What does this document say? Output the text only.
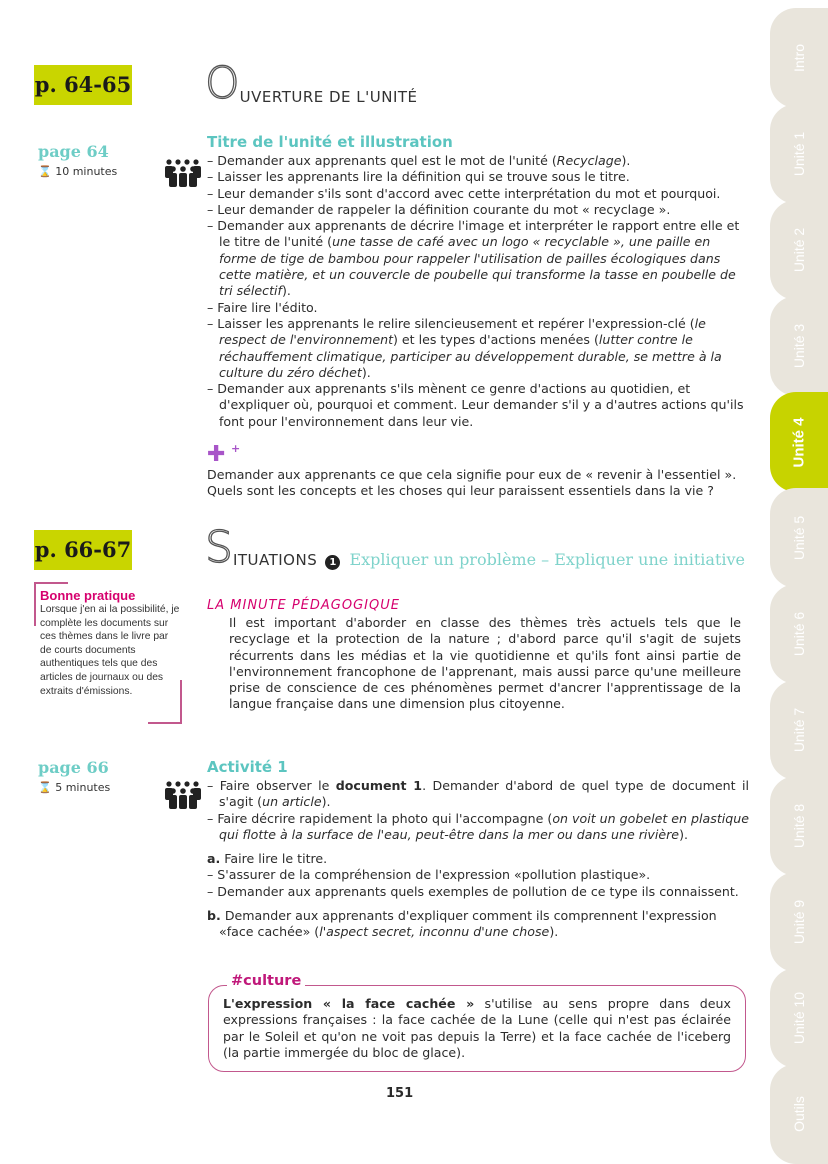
Intro
Unité 1
Unité 2
Unité 3
Unité 4
Unité 5
Unité 6
Unité 7
Unité 8
Unité 9
Unité 10
Outils
p. 64-65 OUVERTURE DE L'UNITÉ
page 64
⌛ 10 minutes
Titre de l'unité et illustration
– Demander aux apprenants quel est le mot de l'unité (Recyclage).
– Laisser les apprenants lire la définition qui se trouve sous le titre.
– Leur demander s'ils sont d'accord avec cette interprétation du mot et pourquoi.
– Leur demander de rappeler la définition courante du mot « recyclage ».
– Demander aux apprenants de décrire l'image et interpréter le rapport entre elle et le titre de l'unité (une tasse de café avec un logo « recyclable », une paille en forme de tige de bambou pour rappeler l'utilisation de pailles écologiques dans cette matière, et un couvercle de poubelle qui transforme la tasse en poubelle de tri sélectif).
– Faire lire l'édito.
– Laisser les apprenants le relire silencieusement et repérer l'expression-clé (le respect de l'environnement) et les types d'actions menées (lutter contre le réchauffement climatique, participer au développement durable, se mettre à la culture du zéro déchet).
– Demander aux apprenants s'ils mènent ce genre d'actions au quotidien, et d'expliquer où, pourquoi et comment. Leur demander s'il y a d'autres actions qu'ils font pour l'environnement dans leur vie.
✚ +
Demander aux apprenants ce que cela signifie pour eux de « revenir à l'essentiel ». Quels sont les concepts et les choses qui leur paraissent essentiels dans la vie ?
p. 66-67 SITUATIONS 1 Expliquer un problème – Expliquer une initiative
Bonne pratique
Lorsque j'en ai la possibilité, je complète les documents sur ces thèmes dans le livre par de courts documents authentiques tels que des articles de journaux ou des extraits d'émissions.
LA MINUTE PÉDAGOGIQUE
Il est important d'aborder en classe des thèmes très actuels tels que le recyclage et la protection de la nature ; d'abord parce qu'il s'agit de sujets récurrents dans les médias et la vie quotidienne et qu'ils font ainsi partie de l'environnement francophone de l'apprenant, mais aussi parce qu'une meilleure prise de conscience de ces phénomènes permet d'ancrer l'apprentissage de la langue française dans une dimension plus citoyenne.
page 66
⌛ 5 minutes
Activité 1
– Faire observer le document 1. Demander d'abord de quel type de document il s'agit (un article).
– Faire décrire rapidement la photo qui l'accompagne (on voit un gobelet en plastique qui flotte à la surface de l'eau, peut-être dans la mer ou dans une rivière).
a. Faire lire le titre.
– S'assurer de la compréhension de l'expression «pollution plastique».
– Demander aux apprenants quels exemples de pollution de ce type ils connaissent.
b. Demander aux apprenants d'expliquer comment ils comprennent l'expression «face cachée» (l'aspect secret, inconnu d'une chose).
#culture
L'expression « la face cachée » s'utilise au sens propre dans deux expressions françaises : la face cachée de la Lune (celle qui n'est pas éclairée par le Soleil et qu'on ne voit pas depuis la Terre) et la face cachée de l'iceberg (la partie immergée du bloc de glace).
151
